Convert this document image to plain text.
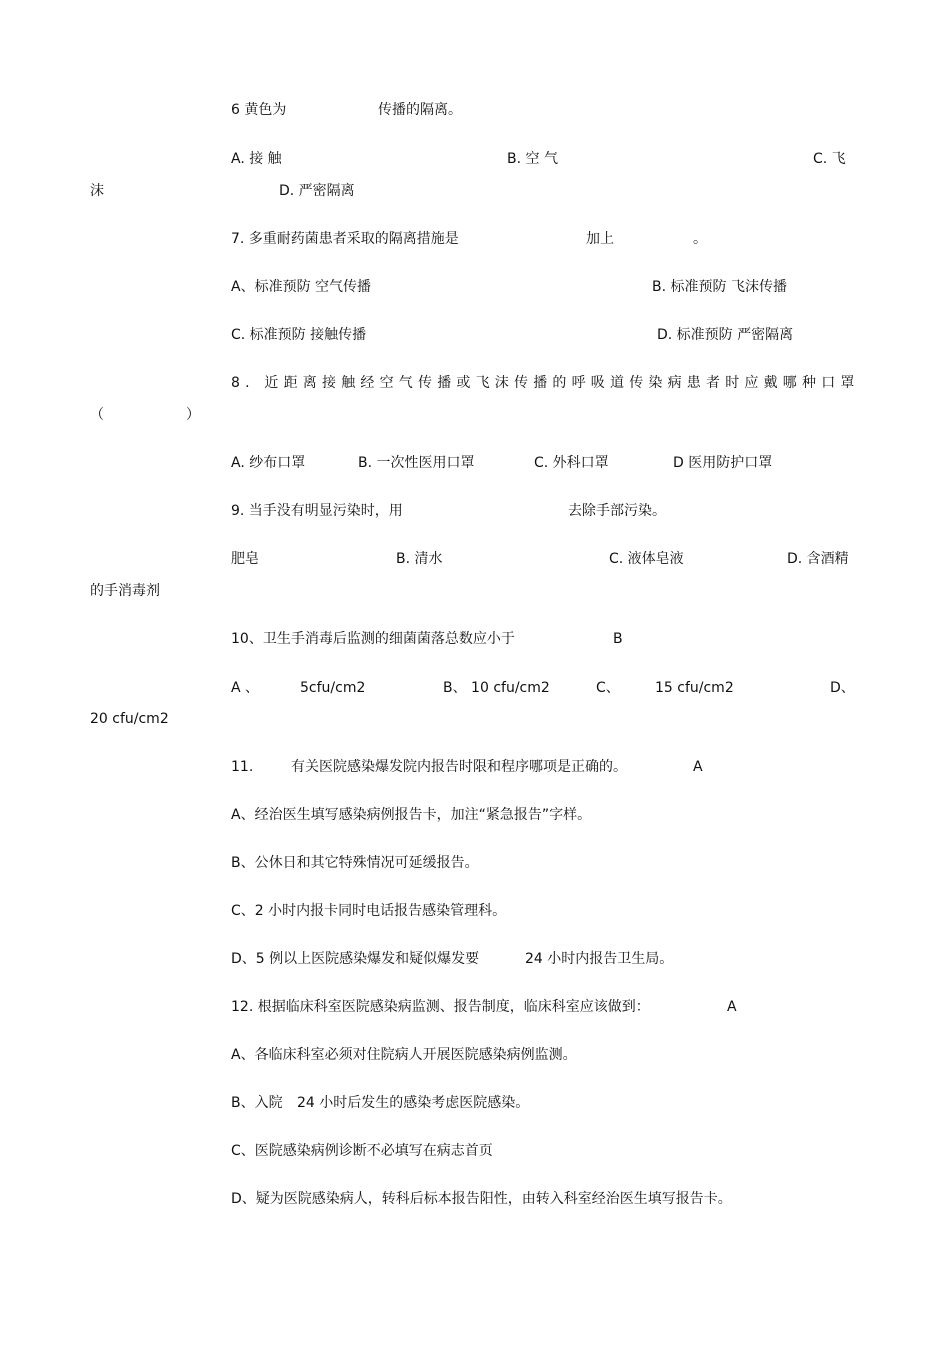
6 黄色为	传播的隔离。
A. 接 触	B. 空 气	C. 飞
沫	D. 严密隔离
7. 多重耐药菌患者采取的隔离措施是	加上	。
A、标准预防 空气传播	B. 标准预防 飞沫传播
C. 标准预防 接触传播	D. 标准预防 严密隔离
8. 近距离接触经空气传播或飞沫传播的呼吸道传染病患者时应戴哪种口罩
（	）
A. 纱布口罩	B. 一次性医用口罩	C. 外科口罩	D 医用防护口罩
9. 当手没有明显污染时，用	去除手部污染。
肥皂	B. 清水	C. 液体皂液	D. 含酒精
的手消毒剂
10、卫生手消毒后监测的细菌菌落总数应小于	B
A 、	5cfu/cm2	B、 10 cfu/cm2	C、	15 cfu/cm2	D、
20 cfu/cm2
11.	有关医院感染爆发院内报告时限和程序哪项是正确的。	A
A、经治医生填写感染病例报告卡，加注“紧急报告”字样。
B、公休日和其它特殊情况可延缓报告。
C、2 小时内报卡同时电话报告感染管理科。
D、5 例以上医院感染爆发和疑似爆发要	24 小时内报告卫生局。
12. 根据临床科室医院感染病监测、报告制度，临床科室应该做到：	A
A、各临床科室必须对住院病人开展医院感染病例监测。
B、入院 24 小时后发生的感染考虑医院感染。
C、医院感染病例诊断不必填写在病志首页
D、疑为医院感染病人，转科后标本报告阳性，由转入科室经治医生填写报告卡。
